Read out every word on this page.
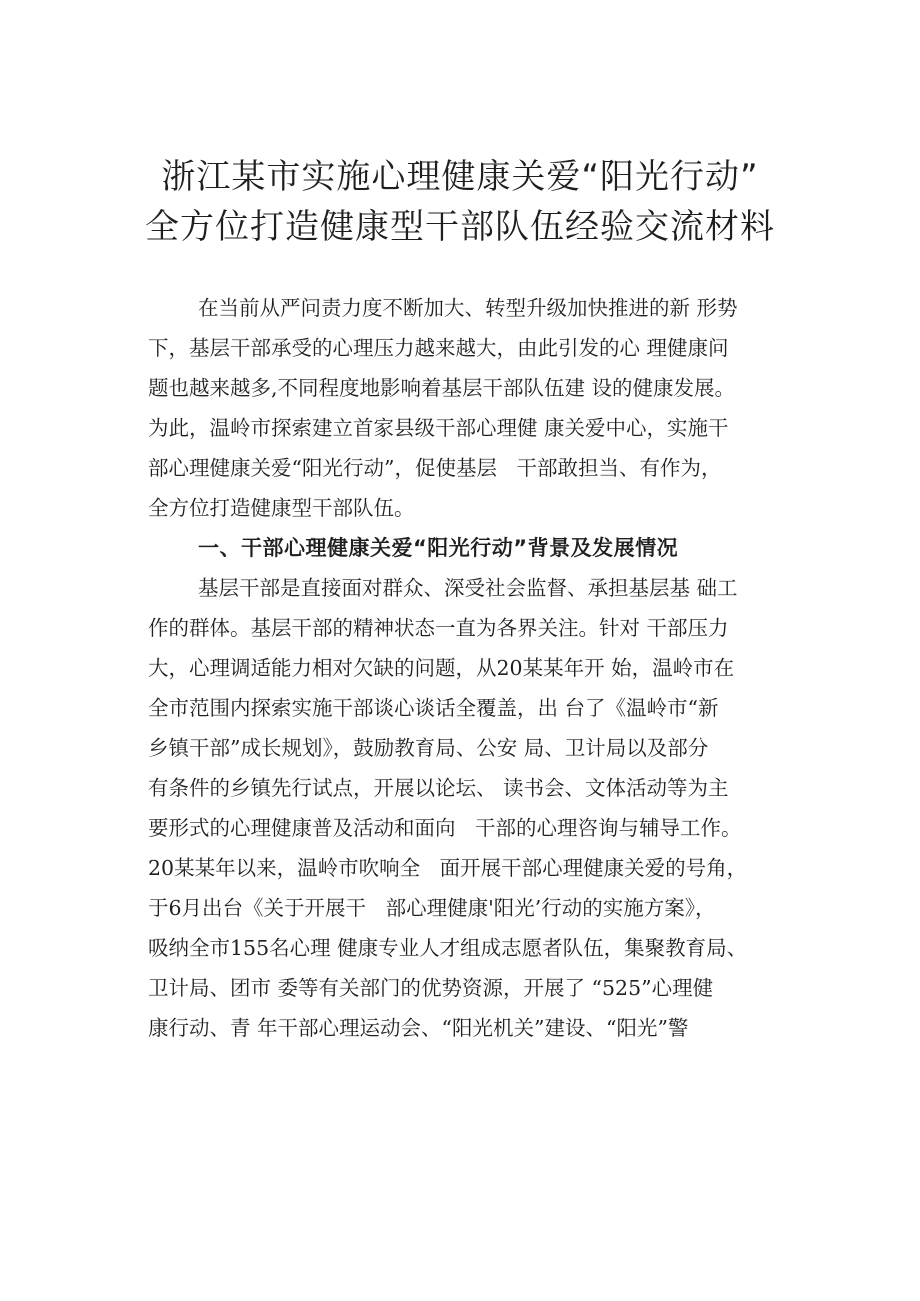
浙江某市实施心理健康关爱“阳光行动”
全方位打造健康型干部队伍经验交流材料
在当前从严问责力度不断加大、转型升级加快推进的新 形势
下，基层干部承受的心理压力越来越大，由此引发的心 理健康问
题也越来越多,不同程度地影响着基层干部队伍建 设的健康发展。
为此，温岭市探索建立首家县级干部心理健 康关爱中心，实施干
部心理健康关爱“阳光行动”，促使基层   干部敢担当、有作为，
全方位打造健康型干部队伍。
一、干部心理健康关爱“阳光行动”背景及发展情况
基层干部是直接面对群众、深受社会监督、承担基层基 础工
作的群体。基层干部的精神状态一直为各界关注。针对 干部压力
大，心理调适能力相对欠缺的问题，从20某某年开 始，温岭市在
全市范围内探索实施干部谈心谈话全覆盖，出 台了《温岭市“新
乡镇干部”成长规划》，鼓励教育局、公安 局、卫计局以及部分
有条件的乡镇先行试点，开展以论坛、 读书会、文体活动等为主
要形式的心理健康普及活动和面向   干部的心理咨询与辅导工作。
20某某年以来，温岭市吹响全   面开展干部心理健康关爱的号角，
于6月出台《关于开展干   部心理健康'阳光’行动的实施方案》，
吸纳全市155名心理 健康专业人才组成志愿者队伍，集聚教育局、
卫计局、团市 委等有关部门的优势资源，开展了 “525”心理健
康行动、青 年干部心理运动会、“阳光机关”建设、“阳光”警
